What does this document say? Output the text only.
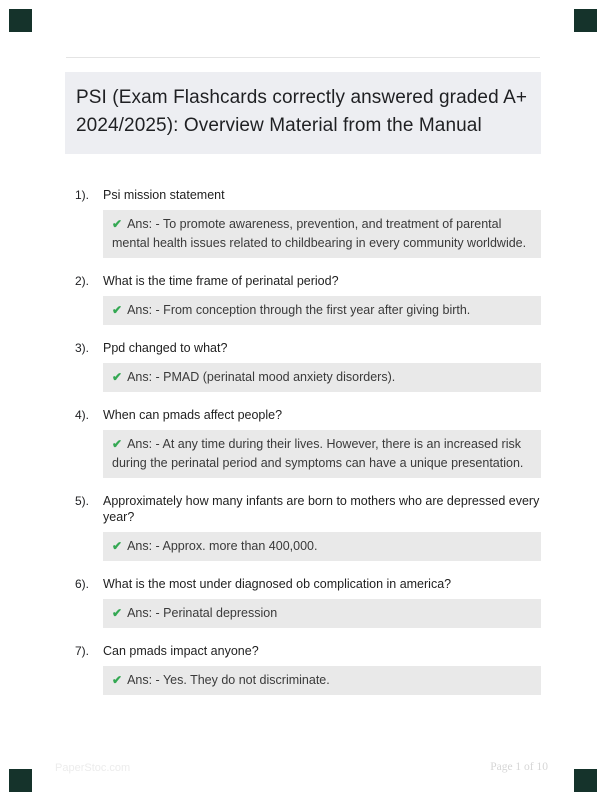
PSI (Exam Flashcards correctly answered graded A+ 2024/2025): Overview Material from the Manual
1).	Psi mission statement
✔ Ans: - To promote awareness, prevention, and treatment of parental mental health issues related to childbearing in every community worldwide.
2).	What is the time frame of perinatal period?
✔ Ans: - From conception through the first year after giving birth.
3).	Ppd changed to what?
✔ Ans: - PMAD (perinatal mood anxiety disorders).
4).	When can pmads affect people?
✔ Ans: - At any time during their lives. However, there is an increased risk during the perinatal period and symptoms can have a unique presentation.
5).	Approximately how many infants are born to mothers who are depressed every year?
✔ Ans: - Approx. more than 400,000.
6).	What is the most under diagnosed ob complication in america?
✔ Ans: - Perinatal depression
7).	Can pmads impact anyone?
✔ Ans: - Yes. They do not discriminate.
PaperStoc.com	Page 1 of 10
